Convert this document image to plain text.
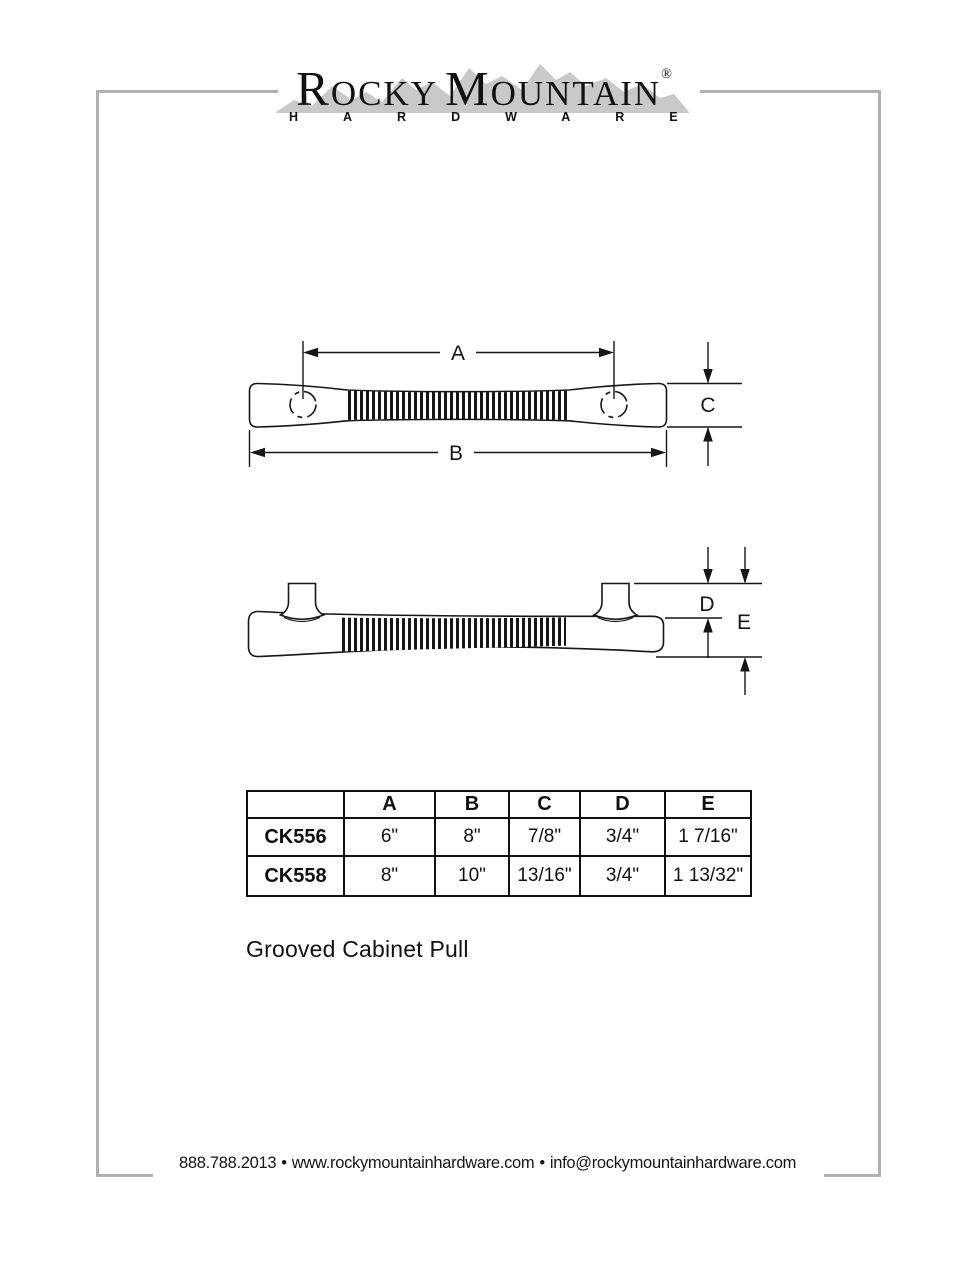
ROCKY  MOUNTAIN®
HARDWARE
A
B
C
D
E
	A	B	C	D	E
CK556	6"	8"	7/8"	3/4"	1 7/16"
CK558	8"	10"	13/16"	3/4"	1 13/32"
Grooved Cabinet Pull
888.788.2013 • www.rockymountainhardware.com • info@rockymountainhardware.com
